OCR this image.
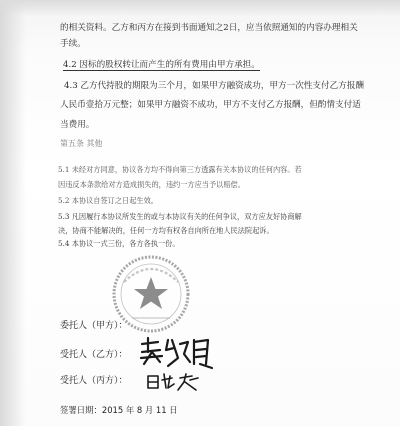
的相关资料。乙方和丙方在接到书面通知之2日，应当依照通知的内容办理相关
手续。
4.2 因标的股权转让而产生的所有费用由甲方承担。
4.3 乙方代持股的期限为三个月，如果甲方融资成功，甲方一次性支付乙方报酬
人民币壹拾万元整；如果甲方融资不成功，甲方不支付乙方报酬，但酌情支付适
当费用。
第五条 其他
5.1 未经对方同意，协议各方均不得向第三方透露有关本协议的任何内容。若
因违反本条款给对方造成损失的，违约一方应当予以赔偿。
5.2 本协议自签订之日起生效。
5.3 凡因履行本协议所发生的或与本协议有关的任何争议，双方应友好协商解
决，协商不能解决的，任何一方均有权各自向所在地人民法院起诉。
5.4 本协议一式三份，各方各执一份。
委托人（甲方）：
受托人（乙方）：
受托人（丙方）：
签署日期：2015 年 8 月 11 日
